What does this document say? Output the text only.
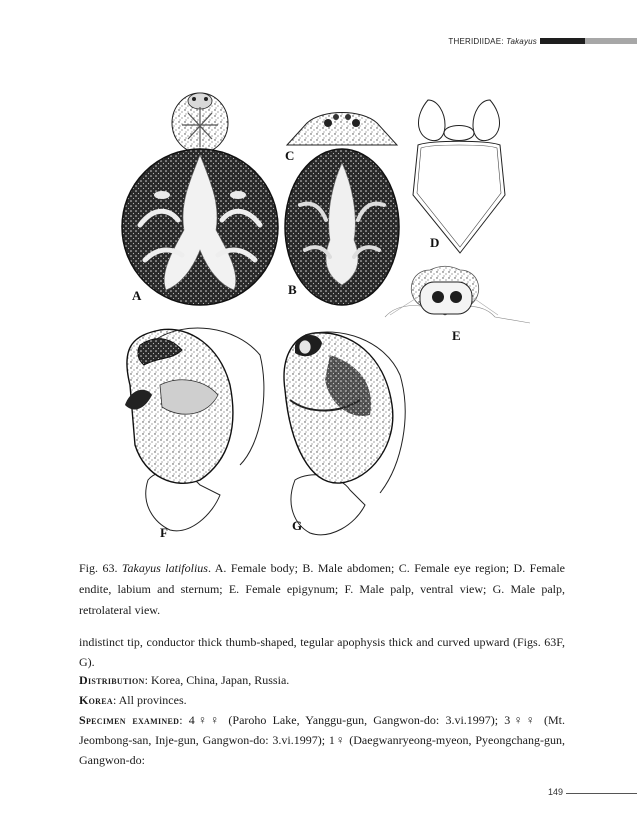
THERIDIIDAE: Takayus
A	B
C
D
E
F	G
Fig. 63. Takayus latifolius. A. Female body; B. Male abdomen; C. Female eye region; D. Female endite, labium and sternum; E. Female epigynum; F. Male palp, ventral view; G. Male palp, retrolateral view.
indistinct tip, conductor thick thumb-shaped, tegular apophysis thick and curved upward (Figs. 63F, G).
Distribution: Korea, China, Japan, Russia.
Korea: All provinces.
Specimen examined: 4♀♀ (Paroho Lake, Yanggu-gun, Gangwon-do: 3.vi.1997); 3♀♀ (Mt. Jeombong-san, Inje-gun, Gangwon-do: 3.vi.1997); 1♀ (Daegwanryeong-myeon, Pyeongchang-gun, Gangwon-do:
149
